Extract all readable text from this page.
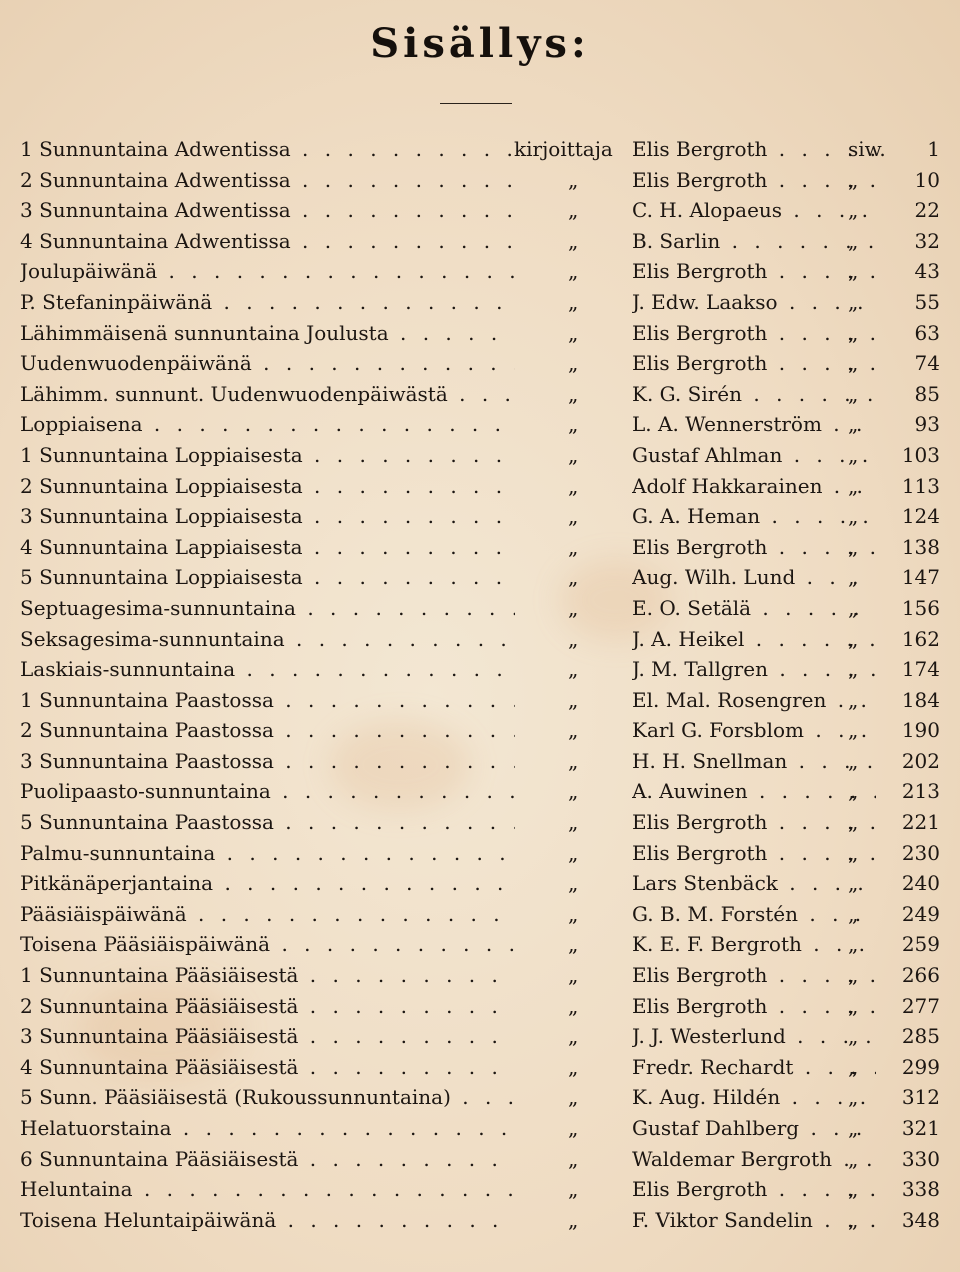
Sisällys:
1 Sunnuntaina Adwentissa . . .	kirjoittaja Elis Bergroth . . .	siw.	1
2 Sunnuntaina Adwentissa . . .	„	Elis Bergroth . . .	„	10
3 Sunnuntaina Adwentissa . . .	„	C. H. Alopaeus . . .	„	22
4 Sunnuntaina Adwentissa . . .	„	B. Sarlin . . .	„	32
Joulupäiwänä . . .	„	Elis Bergroth . . .	„	43
P. Stefaninpäiwänä . . .	„	J. Edw. Laakso . . .	„	55
Lähimmäisenä sunnuntaina Joulusta . . .	„	Elis Bergroth . . .	„	63
Uudenwuodenpäiwänä . . .	„	Elis Bergroth . . .	„	74
Lähimm. sunnunt. Uudenwuodenpäiwästä . . .	„	K. G. Sirén . . .	„	85
Loppiaisena . . .	„	L. A. Wennerström . . .	„	93
1 Sunnuntaina Loppiaisesta . . .	„	Gustaf Ahlman . . .	„	103
2 Sunnuntaina Loppiaisesta . . .	„	Adolf Hakkarainen . . .	„	113
3 Sunnuntaina Loppiaisesta . . .	„	G. A. Heman . . .	„	124
4 Sunnuntaina Lappiaisesta . . .	„	Elis Bergroth . . .	„	138
5 Sunnuntaina Loppiaisesta . . .	„	Aug. Wilh. Lund . . .	„	147
Septuagesima-sunnuntaina . . .	„	E. O. Setälä . . .	„	156
Seksagesima-sunnuntaina . . .	„	J. A. Heikel . . .	„	162
Laskiais-sunnuntaina . . .	„	J. M. Tallgren . . .	„	174
1 Sunnuntaina Paastossa . . .	„	El. Mal. Rosengren . . .	„	184
2 Sunnuntaina Paastossa . . .	„	Karl G. Forsblom . . .	„	190
3 Sunnuntaina Paastossa . . .	„	H. H. Snellman . . .	„	202
Puolipaasto-sunnuntaina . . .	„	A. Auwinen . . .	„	213
5 Sunnuntaina Paastossa . . .	„	Elis Bergroth . . .	„	221
Palmu-sunnuntaina . . .	„	Elis Bergroth . . .	„	230
Pitkänäperjantaina . . .	„	Lars Stenbäck . . .	„	240
Pääsiäispäiwänä . . .	„	G. B. M. Forstén . . .	„	249
Toisena Pääsiäispäiwänä . . .	„	K. E. F. Bergroth . . .	„	259
1 Sunnuntaina Pääsiäisestä . . .	„	Elis Bergroth . . .	„	266
2 Sunnuntaina Pääsiäisestä . . .	„	Elis Bergroth . . .	„	277
3 Sunnuntaina Pääsiäisestä . . .	„	J. J. Westerlund . . .	„	285
4 Sunnuntaina Pääsiäisestä . . .	„	Fredr. Rechardt . . .	„	299
5 Sunn. Pääsiäisestä (Rukoussunnuntaina) . . .	„	K. Aug. Hildén . . .	„	312
Helatuorstaina . . .	„	Gustaf Dahlberg . . .	„	321
6 Sunnuntaina Pääsiäisestä . . .	„	Waldemar Bergroth . . . „	330
Heluntaina . . .	„	Elis Bergroth . . .	„	338
Toisena Heluntaipäiwänä . . .	„	F. Viktor Sandelin . . .	„	348
